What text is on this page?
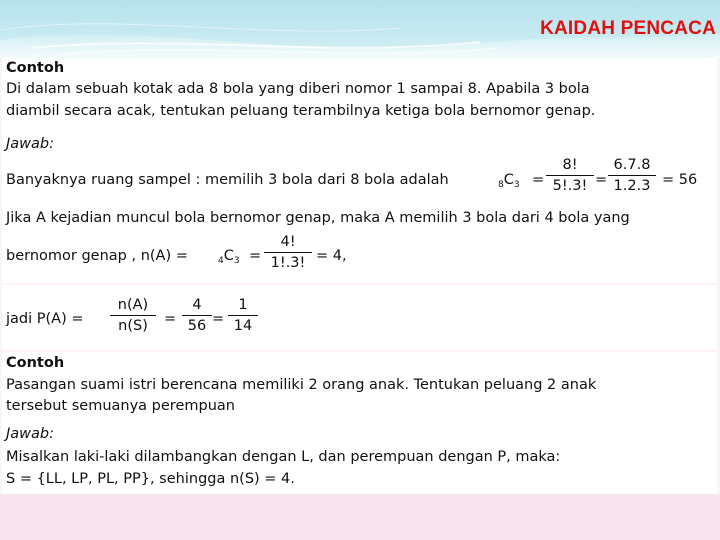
KAIDAH PENCACA
Contoh
Di dalam sebuah kotak ada 8 bola yang diberi nomor 1 sampai 8. Apabila 3 bola
diambil secara acak, tentukan peluang terambilnya ketiga bola bernomor genap.
Jawab:
Banyaknya ruang sampel : memilih 3 bola dari 8 bola adalah	$_8C_3 = \frac{8!}{5!.3!} = \frac{6.7.8}{1.2.3} = 56$
Jika A kejadian muncul bola bernomor genap, maka A memilih 3 bola dari 4 bola yang
bernomor genap , n(A) =	$_4C_3 = \frac{4!}{1!.3!} = 4$,
jadi $P(A) = \frac{n(A)}{n(S)} = \frac{4}{56} = \frac{1}{14}$
Contoh
Pasangan suami istri berencana memiliki 2 orang anak. Tentukan peluang 2 anak
tersebut semuanya perempuan
Jawab:
Misalkan laki-laki dilambangkan dengan L, dan perempuan dengan P, maka:
S = {LL, LP, PL, PP}, sehingga n(S) = 4.
